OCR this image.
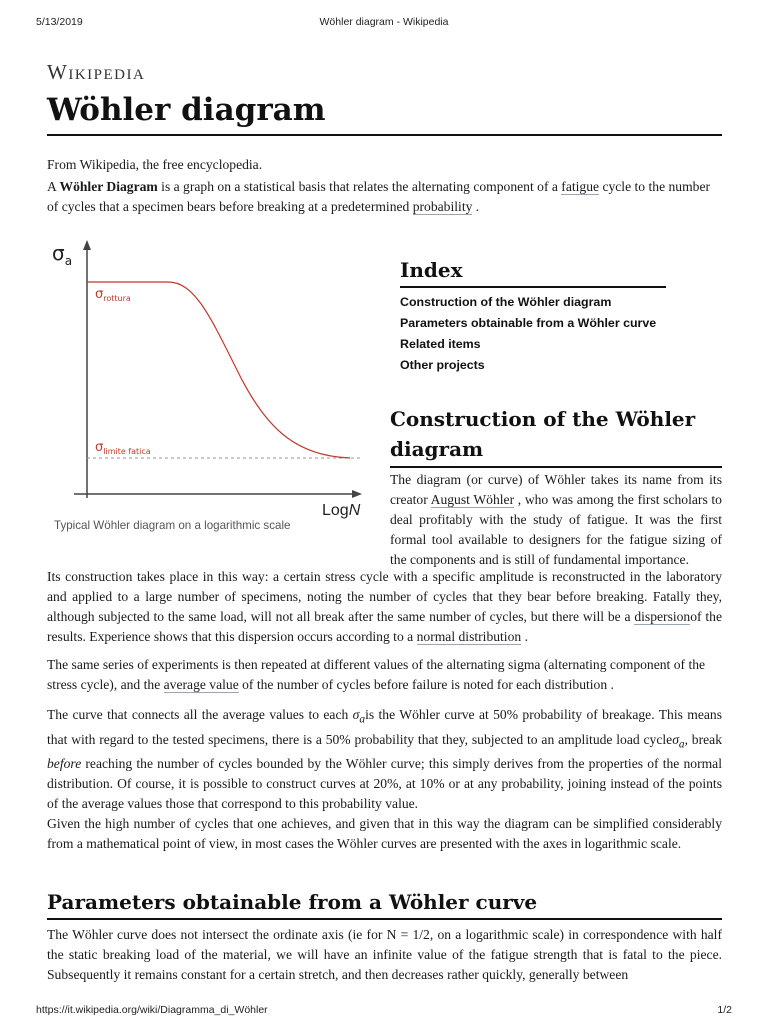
5/13/2019	Wöhler diagram - Wikipedia
Wikipedia
Wöhler diagram
From Wikipedia, the free encyclopedia.
A Wöhler Diagram is a graph on a statistical basis that relates the alternating component of a fatigue cycle to the number of cycles that a specimen bears before breaking at a predetermined probability .
$\sigma_a$
LogN
$\sigma_{rottura}$
$\sigma_{limite fatica}$
Typical Wöhler diagram on a logarithmic scale
Index
Construction of the Wöhler diagram
Parameters obtainable from a Wöhler curve
Related items
Other projects
Construction of the Wöhler diagram
The diagram (or curve) of Wöhler takes its name from its creator August Wöhler , who was among the first scholars to deal profitably with the study of fatigue. It was the first formal tool available to designers for the fatigue sizing of the components and is still of fundamental importance.
Its construction takes place in this way: a certain stress cycle with a specific amplitude is reconstructed in the laboratory and applied to a large number of specimens, noting the number of cycles that they bear before breaking. Fatally they, although subjected to the same load, will not all break after the same number of cycles, but there will be a dispersionof the results. Experience shows that this dispersion occurs according to a normal distribution .
The same series of experiments is then repeated at different values of the alternating sigma (alternating component of the stress cycle), and the average value of the number of cycles before failure is noted for each distribution .
The curve that connects all the average values to each $\sigma_ais$ the Wöhler curve at 50% probability of breakage. This means that with regard to the tested specimens, there is a 50% probability that they, subjected to an amplitude load cycleσ$_a$, break before reaching the number of cycles bounded by the Wöhler curve; this simply derives from the properties of the normal distribution. Of course, it is possible to construct curves at 20%, at 10% or at any probability, joining instead of the points of the average values those that correspond to this probability value.
Given the high number of cycles that one achieves, and given that in this way the diagram can be simplified considerably from a mathematical point of view, in most cases the Wöhler curves are presented with the axes in logarithmic scale.
Parameters obtainable from a Wöhler curve
The Wöhler curve does not intersect the ordinate axis (ie for N = 1/2, on a logarithmic scale) in correspondence with half the static breaking load of the material, we will have an infinite value of the fatigue strength that is fatal to the piece. Subsequently it remains constant for a certain stretch, and then decreases rather quickly, generally between
https://it.wikipedia.org/wiki/Diagramma_di_Wöhler	1/2
